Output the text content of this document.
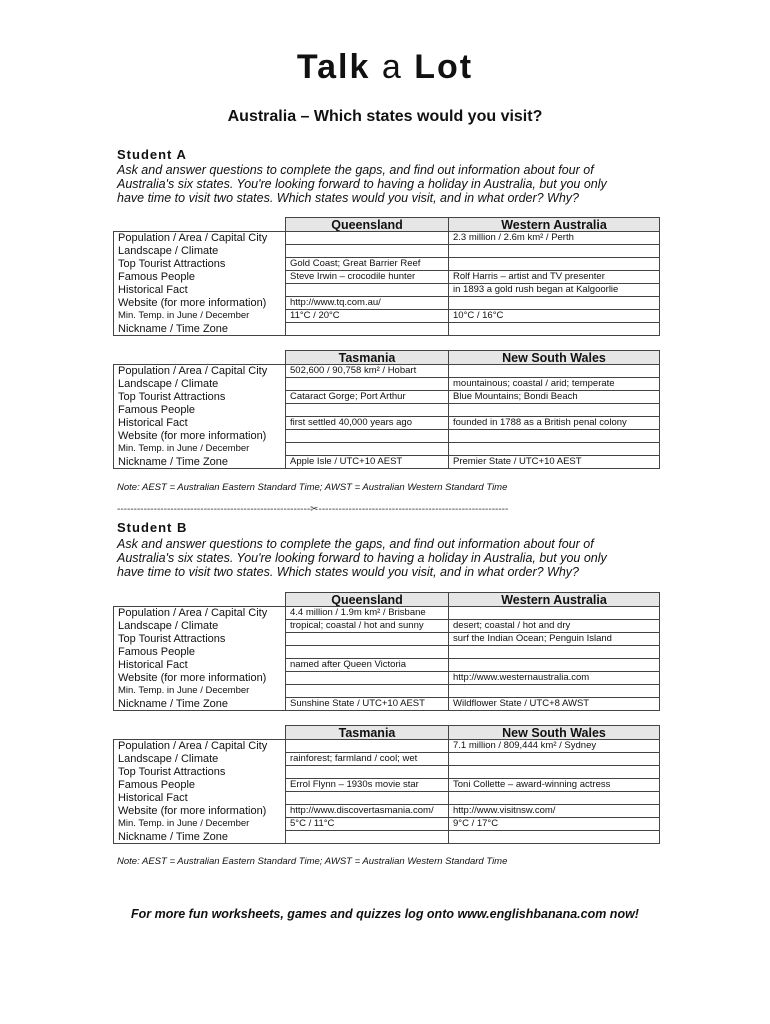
Talk a Lot
Australia – Which states would you visit?
Student A
Ask and answer questions to complete the gaps, and find out information about four of
Australia's six states. You're looking forward to having a holiday in Australia, but you only
have time to visit two states. Which states would you visit, and in what order? Why?
	Queensland	Western Australia
Population / Area / Capital City		2.3 million / 2.6m km² / Perth
Landscape / Climate		
Top Tourist Attractions	Gold Coast; Great Barrier Reef	
Famous People	Steve Irwin – crocodile hunter	Rolf Harris – artist and TV presenter
Historical Fact		in 1893 a gold rush began at Kalgoorlie
Website (for more information)	http://www.tq.com.au/	
Min. Temp. in June / December	11°C / 20°C	10°C / 16°C
Nickname / Time Zone		
	Tasmania	New South Wales
Population / Area / Capital City	502,600 / 90,758 km² / Hobart	
Landscape / Climate		mountainous; coastal / arid; temperate
Top Tourist Attractions	Cataract Gorge; Port Arthur	Blue Mountains; Bondi Beach
Famous People		
Historical Fact	first settled 40,000 years ago	founded in 1788 as a British penal colony
Website (for more information)		
Min. Temp. in June / December		
Nickname / Time Zone	Apple Isle / UTC+10 AEST	Premier State / UTC+10 AEST
Note: AEST = Australian Eastern Standard Time; AWST = Australian Western Standard Time
----------------------------------------------------------✂---------------------------------------------------------
Student B
Ask and answer questions to complete the gaps, and find out information about four of
Australia's six states. You're looking forward to having a holiday in Australia, but you only
have time to visit two states. Which states would you visit, and in what order? Why?
	Queensland	Western Australia
Population / Area / Capital City	4.4 million / 1.9m km² / Brisbane	
Landscape / Climate	tropical; coastal / hot and sunny	desert; coastal / hot and dry
Top Tourist Attractions		surf the Indian Ocean; Penguin Island
Famous People		
Historical Fact	named after Queen Victoria	
Website (for more information)		http://www.westernaustralia.com
Min. Temp. in June / December		
Nickname / Time Zone	Sunshine State / UTC+10 AEST	Wildflower State / UTC+8 AWST
	Tasmania	New South Wales
Population / Area / Capital City		7.1 million / 809,444 km² / Sydney
Landscape / Climate	rainforest; farmland / cool; wet	
Top Tourist Attractions		
Famous People	Errol Flynn – 1930s movie star	Toni Collette – award-winning actress
Historical Fact		
Website (for more information)	http://www.discovertasmania.com/	http://www.visitnsw.com/
Min. Temp. in June / December	5°C / 11°C	9°C / 17°C
Nickname / Time Zone		
Note: AEST = Australian Eastern Standard Time; AWST = Australian Western Standard Time
For more fun worksheets, games and quizzes log onto www.englishbanana.com now!
